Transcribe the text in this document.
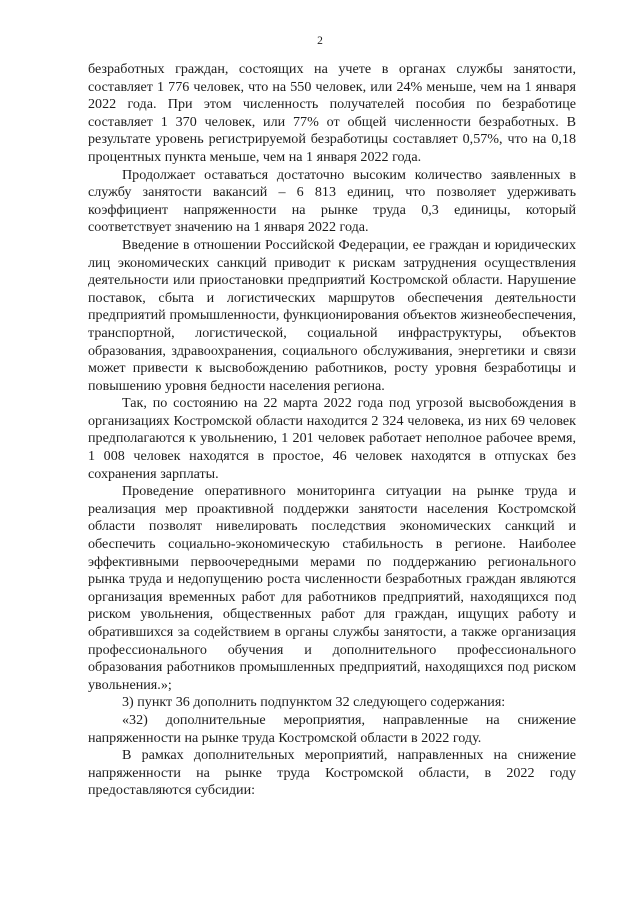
2

безработных граждан, состоящих на учете в органах службы занятости, составляет 1 776 человек, что на 550 человек, или 24% меньше, чем на 1 января 2022 года. При этом численность получателей пособия по безработице составляет 1 370 человек, или 77% от общей численности безработных. В результате уровень регистрируемой безработицы составляет 0,57%, что на 0,18 процентных пункта меньше, чем на 1 января 2022 года.

Продолжает оставаться достаточно высоким количество заявленных в службу занятости вакансий – 6 813 единиц, что позволяет удерживать коэффициент напряженности на рынке труда 0,3 единицы, который соответствует значению на 1 января 2022 года.

Введение в отношении Российской Федерации, ее граждан и юридических лиц экономических санкций приводит к рискам затруднения осуществления деятельности или приостановки предприятий Костромской области. Нарушение поставок, сбыта и логистических маршрутов обеспечения деятельности предприятий промышленности, функционирования объектов жизнеобеспечения, транспортной, логистической, социальной инфраструктуры, объектов образования, здравоохранения, социального обслуживания, энергетики и связи может привести к высвобождению работников, росту уровня безработицы и повышению уровня бедности населения региона.

Так, по состоянию на 22 марта 2022 года под угрозой высвобождения в организациях Костромской области находится 2 324 человека, из них 69 человек предполагаются к увольнению, 1 201 человек работает неполное рабочее время, 1 008 человек находятся в простое, 46 человек находятся в отпусках без сохранения зарплаты.

Проведение оперативного мониторинга ситуации на рынке труда и реализация мер проактивной поддержки занятости населения Костромской области позволят нивелировать последствия экономических санкций и обеспечить социально-экономическую стабильность в регионе. Наиболее эффективными первоочередными мерами по поддержанию регионального рынка труда и недопущению роста численности безработных граждан являются организация временных работ для работников предприятий, находящихся под риском увольнения, общественных работ для граждан, ищущих работу и обратившихся за содействием в органы службы занятости, а также организация профессионального обучения и дополнительного профессионального образования работников промышленных предприятий, находящихся под риском увольнения.»;

3) пункт 36 дополнить подпунктом 32 следующего содержания:

«32) дополнительные мероприятия, направленные на снижение напряженности на рынке труда Костромской области в 2022 году.

В рамках дополнительных мероприятий, направленных на снижение напряженности на рынке труда Костромской области, в 2022 году предоставляются субсидии:
